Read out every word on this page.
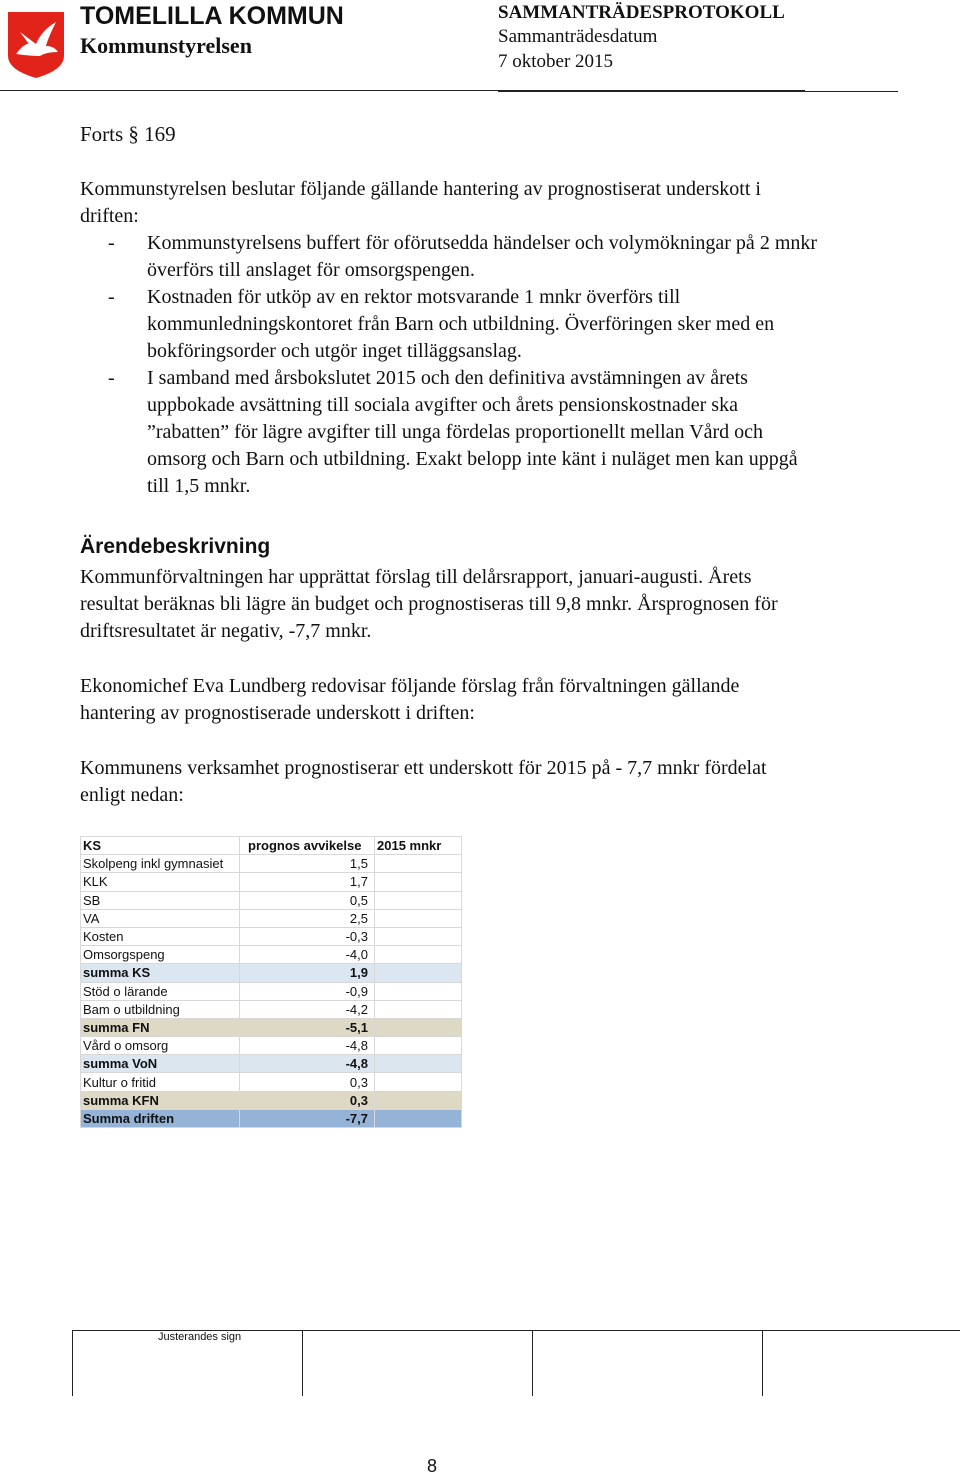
TOMELILLA KOMMUN
Kommunstyrelsen
SAMMANTRÄDESPROTOKOLL
Sammanträdesdatum
7 oktober 2015
Forts § 169
Kommunstyrelsen beslutar följande gällande hantering av prognostiserat underskott i driften:
- Kommunstyrelsens buffert för oförutsedda händelser och volymökningar på 2 mnkr överförs till anslaget för omsorgspengen.
- Kostnaden för utköp av en rektor motsvarande 1 mnkr överförs till kommunledningskontoret från Barn och utbildning. Överföringen sker med en bokföringsorder och utgör inget tilläggsanslag.
- I samband med årsbokslutet 2015 och den definitiva avstämningen av årets uppbokade avsättning till sociala avgifter och årets pensionskostnader ska ”rabatten” för lägre avgifter till unga fördelas proportionellt mellan Vård och omsorg och Barn och utbildning. Exakt belopp inte känt i nuläget men kan uppgå till 1,5 mnkr.
Ärendebeskrivning
Kommunförvaltningen har upprättat förslag till delårsrapport, januari-augusti. Årets resultat beräknas bli lägre än budget och prognostiseras till 9,8 mnkr. Årsprognosen för driftsresultatet är negativ, -7,7 mnkr.
Ekonomichef Eva Lundberg redovisar följande förslag från förvaltningen gällande hantering av prognostiserade underskott i driften:
Kommunens verksamhet prognostiserar ett underskott för 2015 på - 7,7 mnkr fördelat enligt nedan:
KS	prognos avvikelse	2015 mnkr
Skolpeng inkl gymnasiet	1,5	
KLK	1,7	
SB	0,5	
VA	2,5	
Kosten	-0,3	
Omsorgspeng	-4,0	
summa KS	1,9	
Stöd o lärande	-0,9	
Bam o utbildning	-4,2	
summa FN	-5,1	
Vård o omsorg	-4,8	
summa VoN	-4,8	
Kultur o fritid	0,3	
summa KFN	0,3	
Summa driften	-7,7	
Justerandes sign
8
